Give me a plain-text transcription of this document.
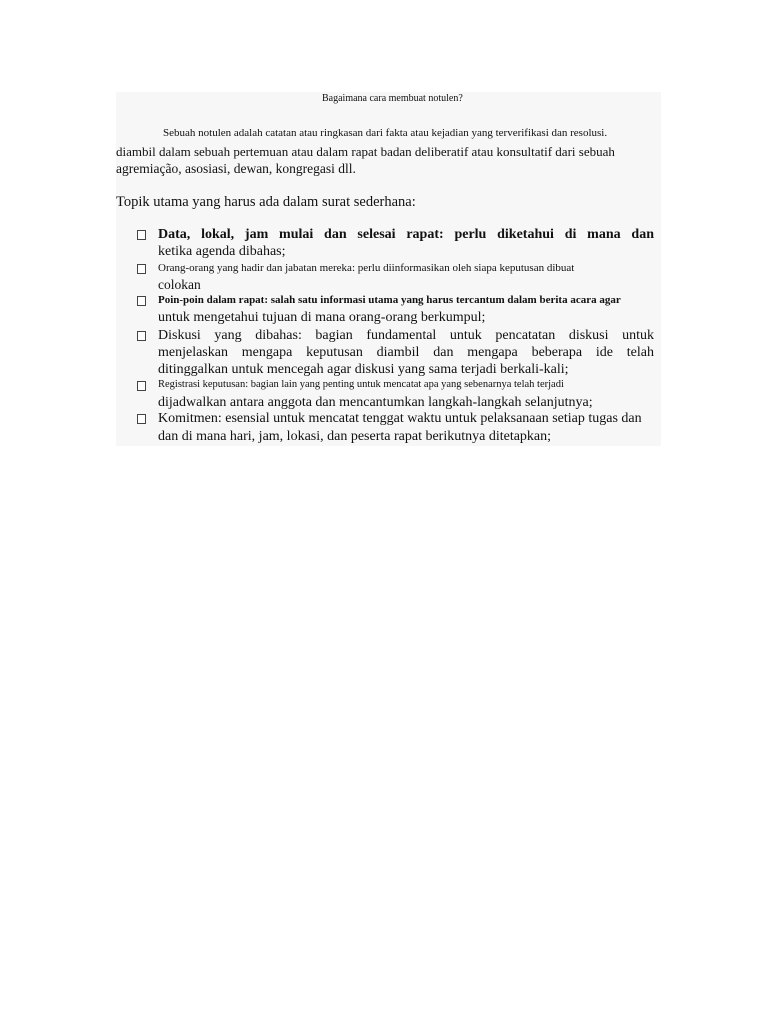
Bagaimana cara membuat notulen?
Sebuah notulen adalah catatan atau ringkasan dari fakta atau kejadian yang terverifikasi dan resolusi.
diambil dalam sebuah pertemuan atau dalam rapat badan deliberatif atau konsultatif dari sebuah
agremiação, asosiasi, dewan, kongregasi dll.
Topik utama yang harus ada dalam surat sederhana:
Data, lokal, jam mulai dan selesai rapat: perlu diketahui di mana dan
ketika agenda dibahas;
Orang-orang yang hadir dan jabatan mereka: perlu diinformasikan oleh siapa keputusan dibuat
colokan
Poin-poin dalam rapat: salah satu informasi utama yang harus tercantum dalam berita acara agar
untuk mengetahui tujuan di mana orang-orang berkumpul;
Diskusi yang dibahas: bagian fundamental untuk pencatatan diskusi untuk
menjelaskan mengapa keputusan diambil dan mengapa beberapa ide telah
ditinggalkan untuk mencegah agar diskusi yang sama terjadi berkali-kali;
Registrasi keputusan: bagian lain yang penting untuk mencatat apa yang sebenarnya telah terjadi
dijadwalkan antara anggota dan mencantumkan langkah-langkah selanjutnya;
Komitmen: esensial untuk mencatat tenggat waktu untuk pelaksanaan setiap tugas dan
dan di mana hari, jam, lokasi, dan peserta rapat berikutnya ditetapkan;
